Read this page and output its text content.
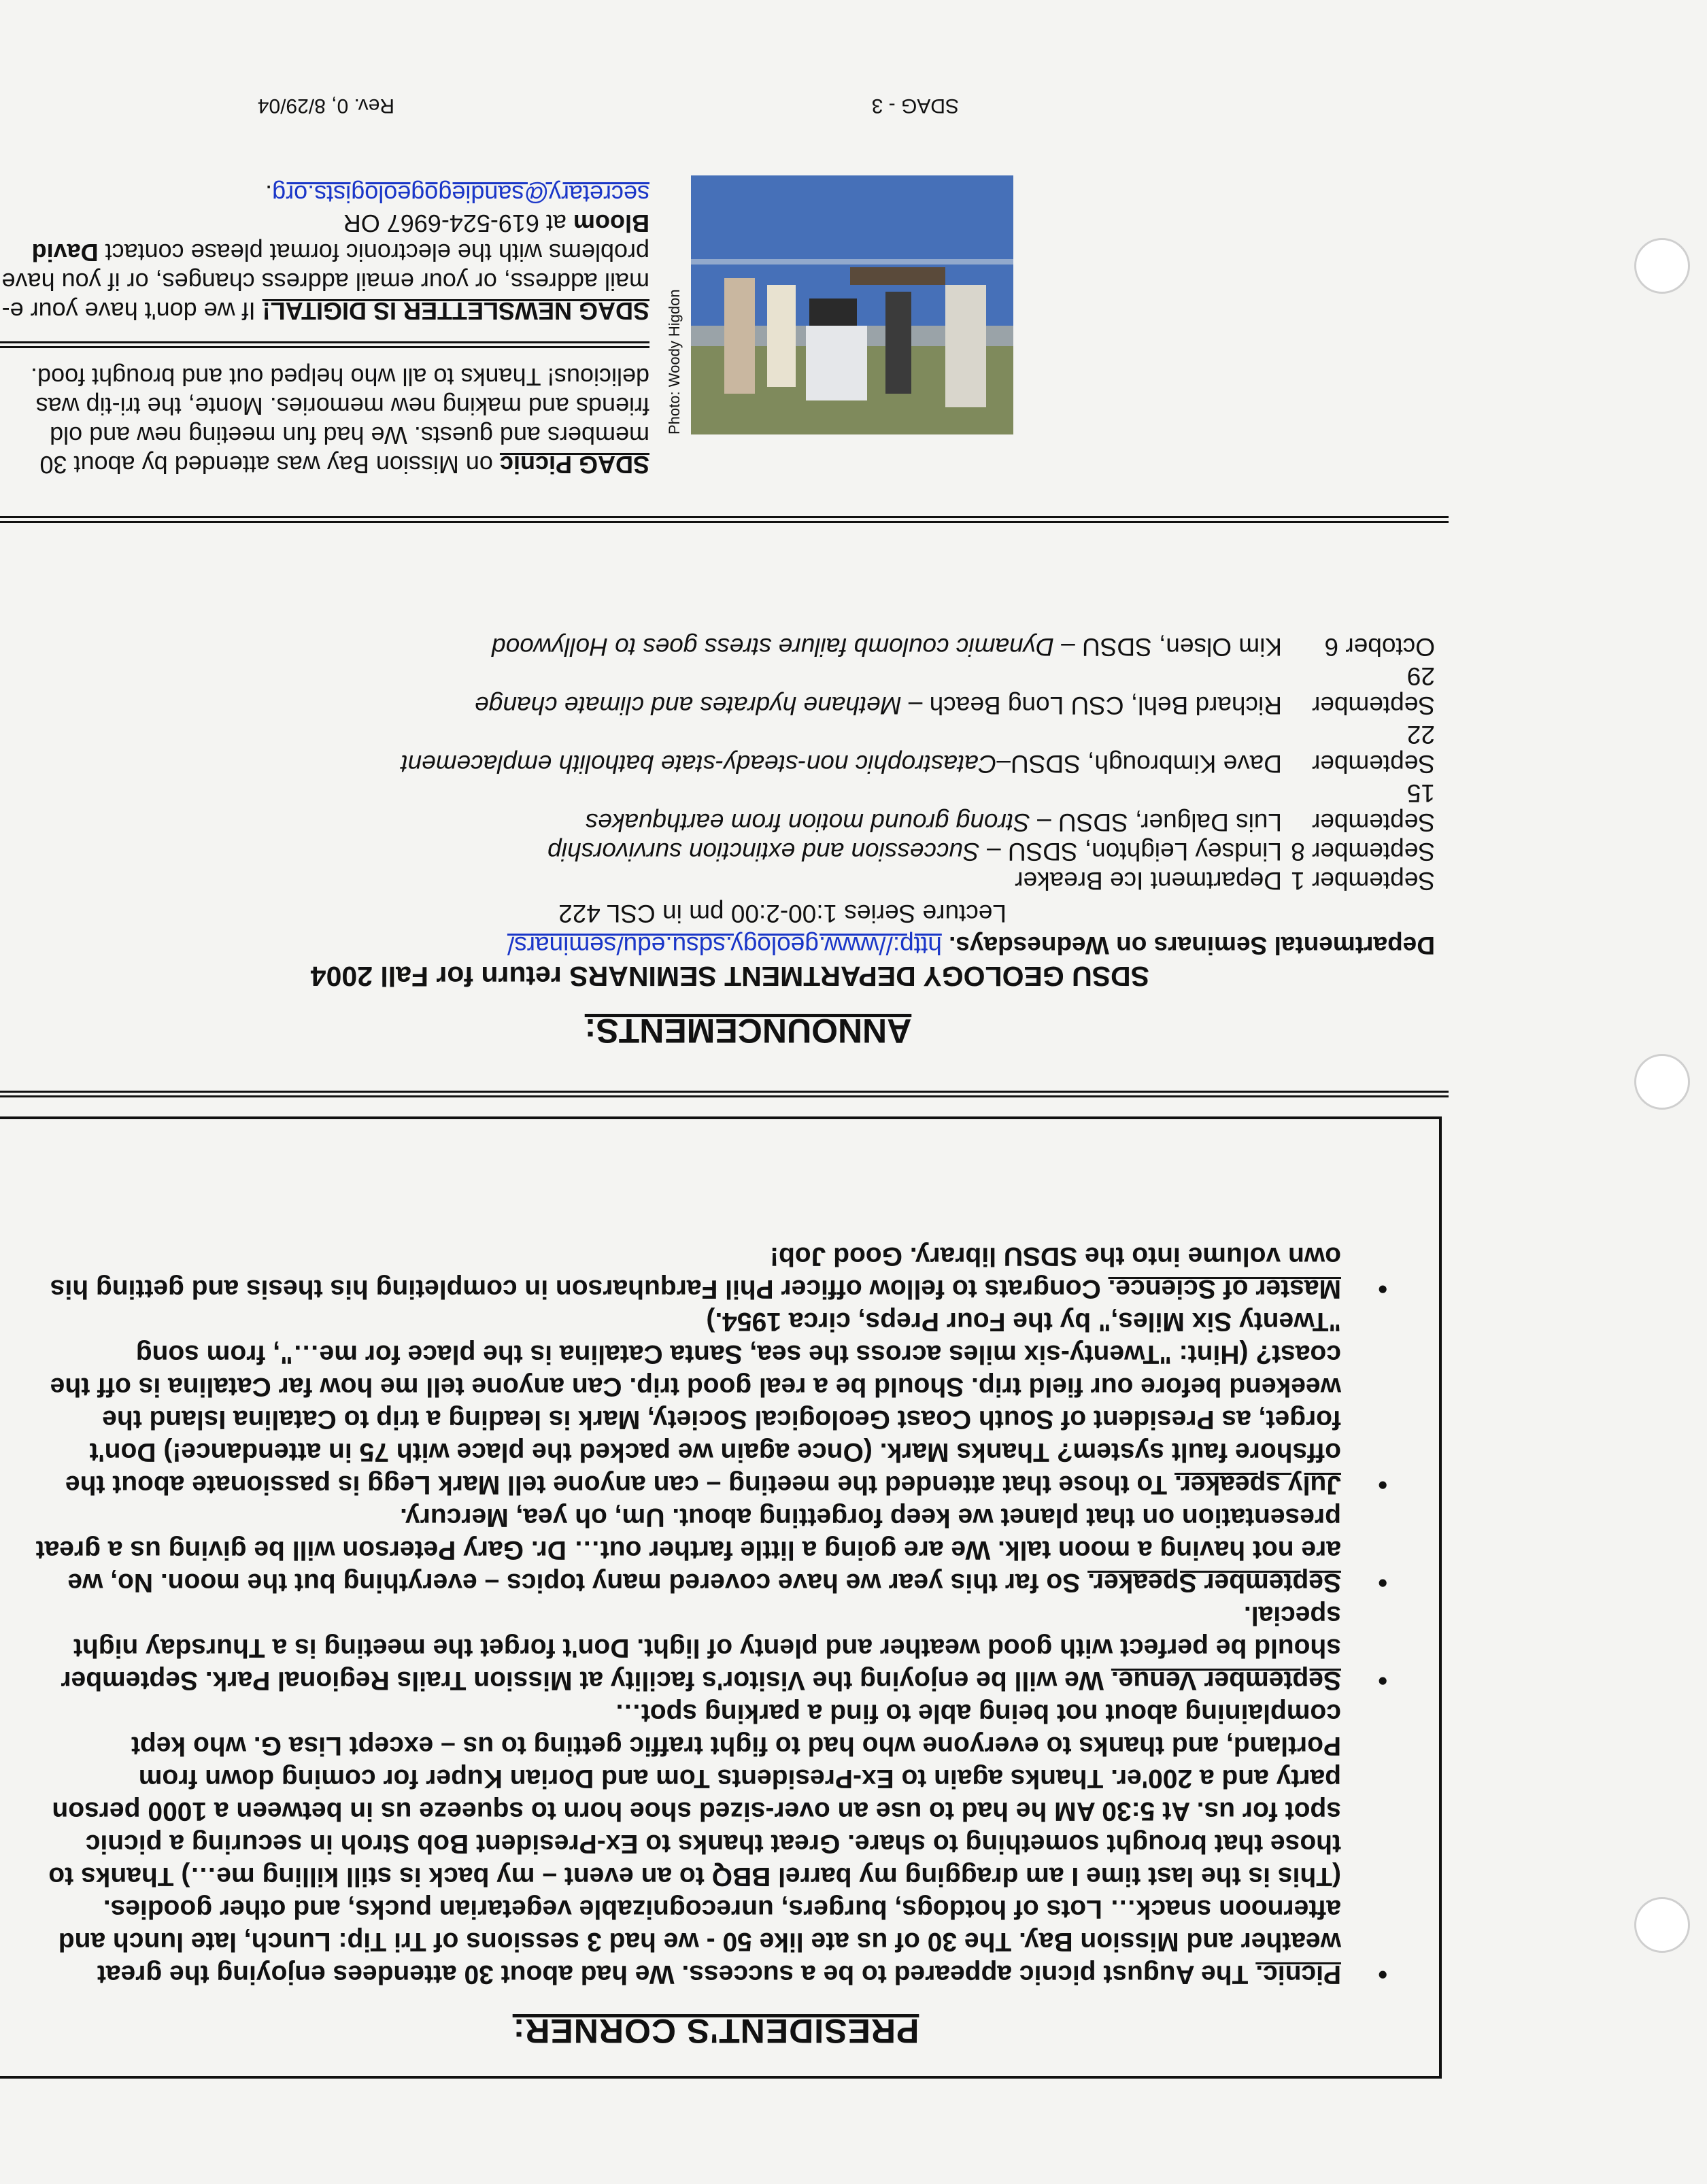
PRESIDENT'S CORNER:
•
Picnic. The August picnic appeared to be a success. We had about 30 attendees enjoying the great weather and Mission Bay. The 30 of us ate like 50 - we had 3 sessions of Tri Tip: Lunch, late lunch and afternoon snack… Lots of hotdogs, burgers, unrecognizable vegetarian pucks, and other goodies. (This is the last time I am dragging my barrel BBQ to an event – my back is still killing me…) Thanks to those that brought something to share. Great thanks to Ex-President Bob Stroh in securing a picnic spot for us. At 5:30 AM he had to use an over-sized shoe horn to squeeze us in between a 1000 person party and a 200'er. Thanks again to Ex-Presidents Tom and Dorian Kuper for coming down from Portland, and thanks to everyone who had to fight traffic getting to us – except Lisa G. who kept complaining about not being able to find a parking spot…
•
September Venue. We will be enjoying the Visitor's facility at Mission Trails Regional Park. September should be perfect with good weather and plenty of light. Don't forget the meeting is a Thursday night special.
•
September Speaker. So far this year we have covered many topics – everything but the moon. No, we are not having a moon talk. We are going a little farther out… Dr. Gary Peterson will be giving us a great presentation on that planet we keep forgetting about. Um, oh yea, Mercury.
•
July speaker. To those that attended the meeting – can anyone tell Mark Legg is passionate about the offshore fault system? Thanks Mark. (Once again we packed the place with 75 in attendance!) Don't forget, as President of South Coast Geological Society, Mark is leading a trip to Catalina Island the weekend before our field trip. Should be a real good trip. Can anyone tell me how far Catalina is off the coast? (Hint: "Twenty-six miles across the sea, Santa Catalina is the place for me…", from song "Twenty Six Miles," by the Four Preps, circa 1954.)
•
Master of Science. Congrats to fellow officer Phil Farquharson in completing his thesis and getting his own volume into the SDSU library. Good Job!
ANNOUNCEMENTS:
SDSU GEOLOGY DEPARTMENT SEMINARS return for Fall 2004
Departmental Seminars on Wednesdays. http://www.geology.sdsu.edu/seminars/
Lecture Series 1:00-2:00 pm in CSL 422
September 1	Department Ice Breaker
September 8	Lindsey Leighton, SDSU – Succession and extinction survivorship
September 15	Luis Dalguer, SDSU – Strong ground motion from earthquakes
September 22	Dave Kimbrough, SDSU–Catastrophic non-steady-state batholith emplacement
September 29	Richard Behl, CSU Long Beach – Methane hydrates and climate change
October 6	Kim Olsen, SDSU – Dynamic coulomb failure stress goes to Hollywood
Photo: Woody Higdon
SDAG Picnic on Mission Bay was attended by about 30 members and guests. We had fun meeting new and old friends and making new memories. Monte, the tri-tip was delicious! Thanks to all who helped out and brought food.
SDAG NEWSLETTER IS DIGITAL! If we don't have your e-mail address, or your email address changes, or if you have problems with the electronic format please contact David Bloom at 619-524-6967 OR secretary@sandiegogeologists.org.
SDAG - 3
Rev. 0, 8/29/04
